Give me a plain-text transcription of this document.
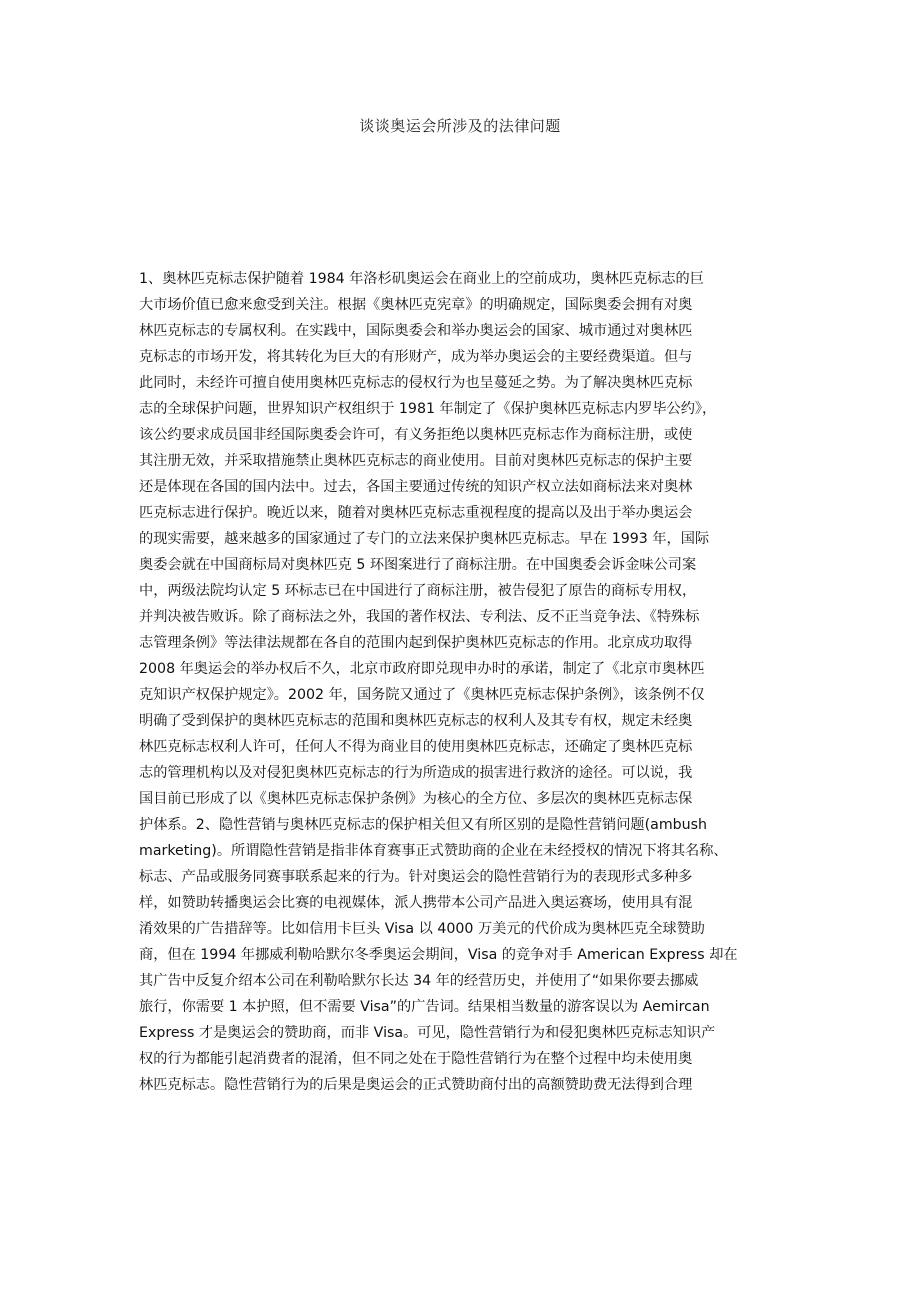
谈谈奥运会所涉及的法律问题
1、奥林匹克标志保护随着 1984 年洛杉矶奥运会在商业上的空前成功，奥林匹克标志的巨
大市场价值已愈来愈受到关注。根据《奥林匹克宪章》的明确规定，国际奥委会拥有对奥
林匹克标志的专属权利。在实践中，国际奥委会和举办奥运会的国家、城市通过对奥林匹
克标志的市场开发，将其转化为巨大的有形财产，成为举办奥运会的主要经费渠道。但与
此同时，未经许可擅自使用奥林匹克标志的侵权行为也呈蔓延之势。为了解决奥林匹克标
志的全球保护问题，世界知识产权组织于 1981 年制定了《保护奥林匹克标志内罗毕公约》，
该公约要求成员国非经国际奥委会许可，有义务拒绝以奥林匹克标志作为商标注册，或使
其注册无效，并采取措施禁止奥林匹克标志的商业使用。目前对奥林匹克标志的保护主要
还是体现在各国的国内法中。过去，各国主要通过传统的知识产权立法如商标法来对奥林
匹克标志进行保护。晚近以来，随着对奥林匹克标志重视程度的提高以及出于举办奥运会
的现实需要，越来越多的国家通过了专门的立法来保护奥林匹克标志。早在 1993 年，国际
奥委会就在中国商标局对奥林匹克 5 环图案进行了商标注册。在中国奥委会诉金味公司案
中，两级法院均认定 5 环标志已在中国进行了商标注册，被告侵犯了原告的商标专用权，
并判决被告败诉。除了商标法之外，我国的著作权法、专利法、反不正当竞争法、《特殊标
志管理条例》等法律法规都在各自的范围内起到保护奥林匹克标志的作用。北京成功取得
2008 年奥运会的举办权后不久，北京市政府即兑现申办时的承诺，制定了《北京市奥林匹
克知识产权保护规定》。2002 年，国务院又通过了《奥林匹克标志保护条例》，该条例不仅
明确了受到保护的奥林匹克标志的范围和奥林匹克标志的权利人及其专有权，规定未经奥
林匹克标志权利人许可，任何人不得为商业目的使用奥林匹克标志，还确定了奥林匹克标
志的管理机构以及对侵犯奥林匹克标志的行为所造成的损害进行救济的途径。可以说，我
国目前已形成了以《奥林匹克标志保护条例》为核心的全方位、多层次的奥林匹克标志保
护体系。2、隐性营销与奥林匹克标志的保护相关但又有所区别的是隐性营销问题(ambush
marketing)。所谓隐性营销是指非体育赛事正式赞助商的企业在未经授权的情况下将其名称、
标志、产品或服务同赛事联系起来的行为。针对奥运会的隐性营销行为的表现形式多种多
样，如赞助转播奥运会比赛的电视媒体，派人携带本公司产品进入奥运赛场，使用具有混
淆效果的广告措辞等。比如信用卡巨头 Visa 以 4000 万美元的代价成为奥林匹克全球赞助
商，但在 1994 年挪威利勒哈默尔冬季奥运会期间，Visa 的竞争对手 American Express 却在
其广告中反复介绍本公司在利勒哈默尔长达 34 年的经营历史，并使用了“如果你要去挪威
旅行，你需要 1 本护照，但不需要 Visa”的广告词。结果相当数量的游客误以为 Aemircan
Express 才是奥运会的赞助商，而非 Visa。可见，隐性营销行为和侵犯奥林匹克标志知识产
权的行为都能引起消费者的混淆，但不同之处在于隐性营销行为在整个过程中均未使用奥
林匹克标志。隐性营销行为的后果是奥运会的正式赞助商付出的高额赞助费无法得到合理
